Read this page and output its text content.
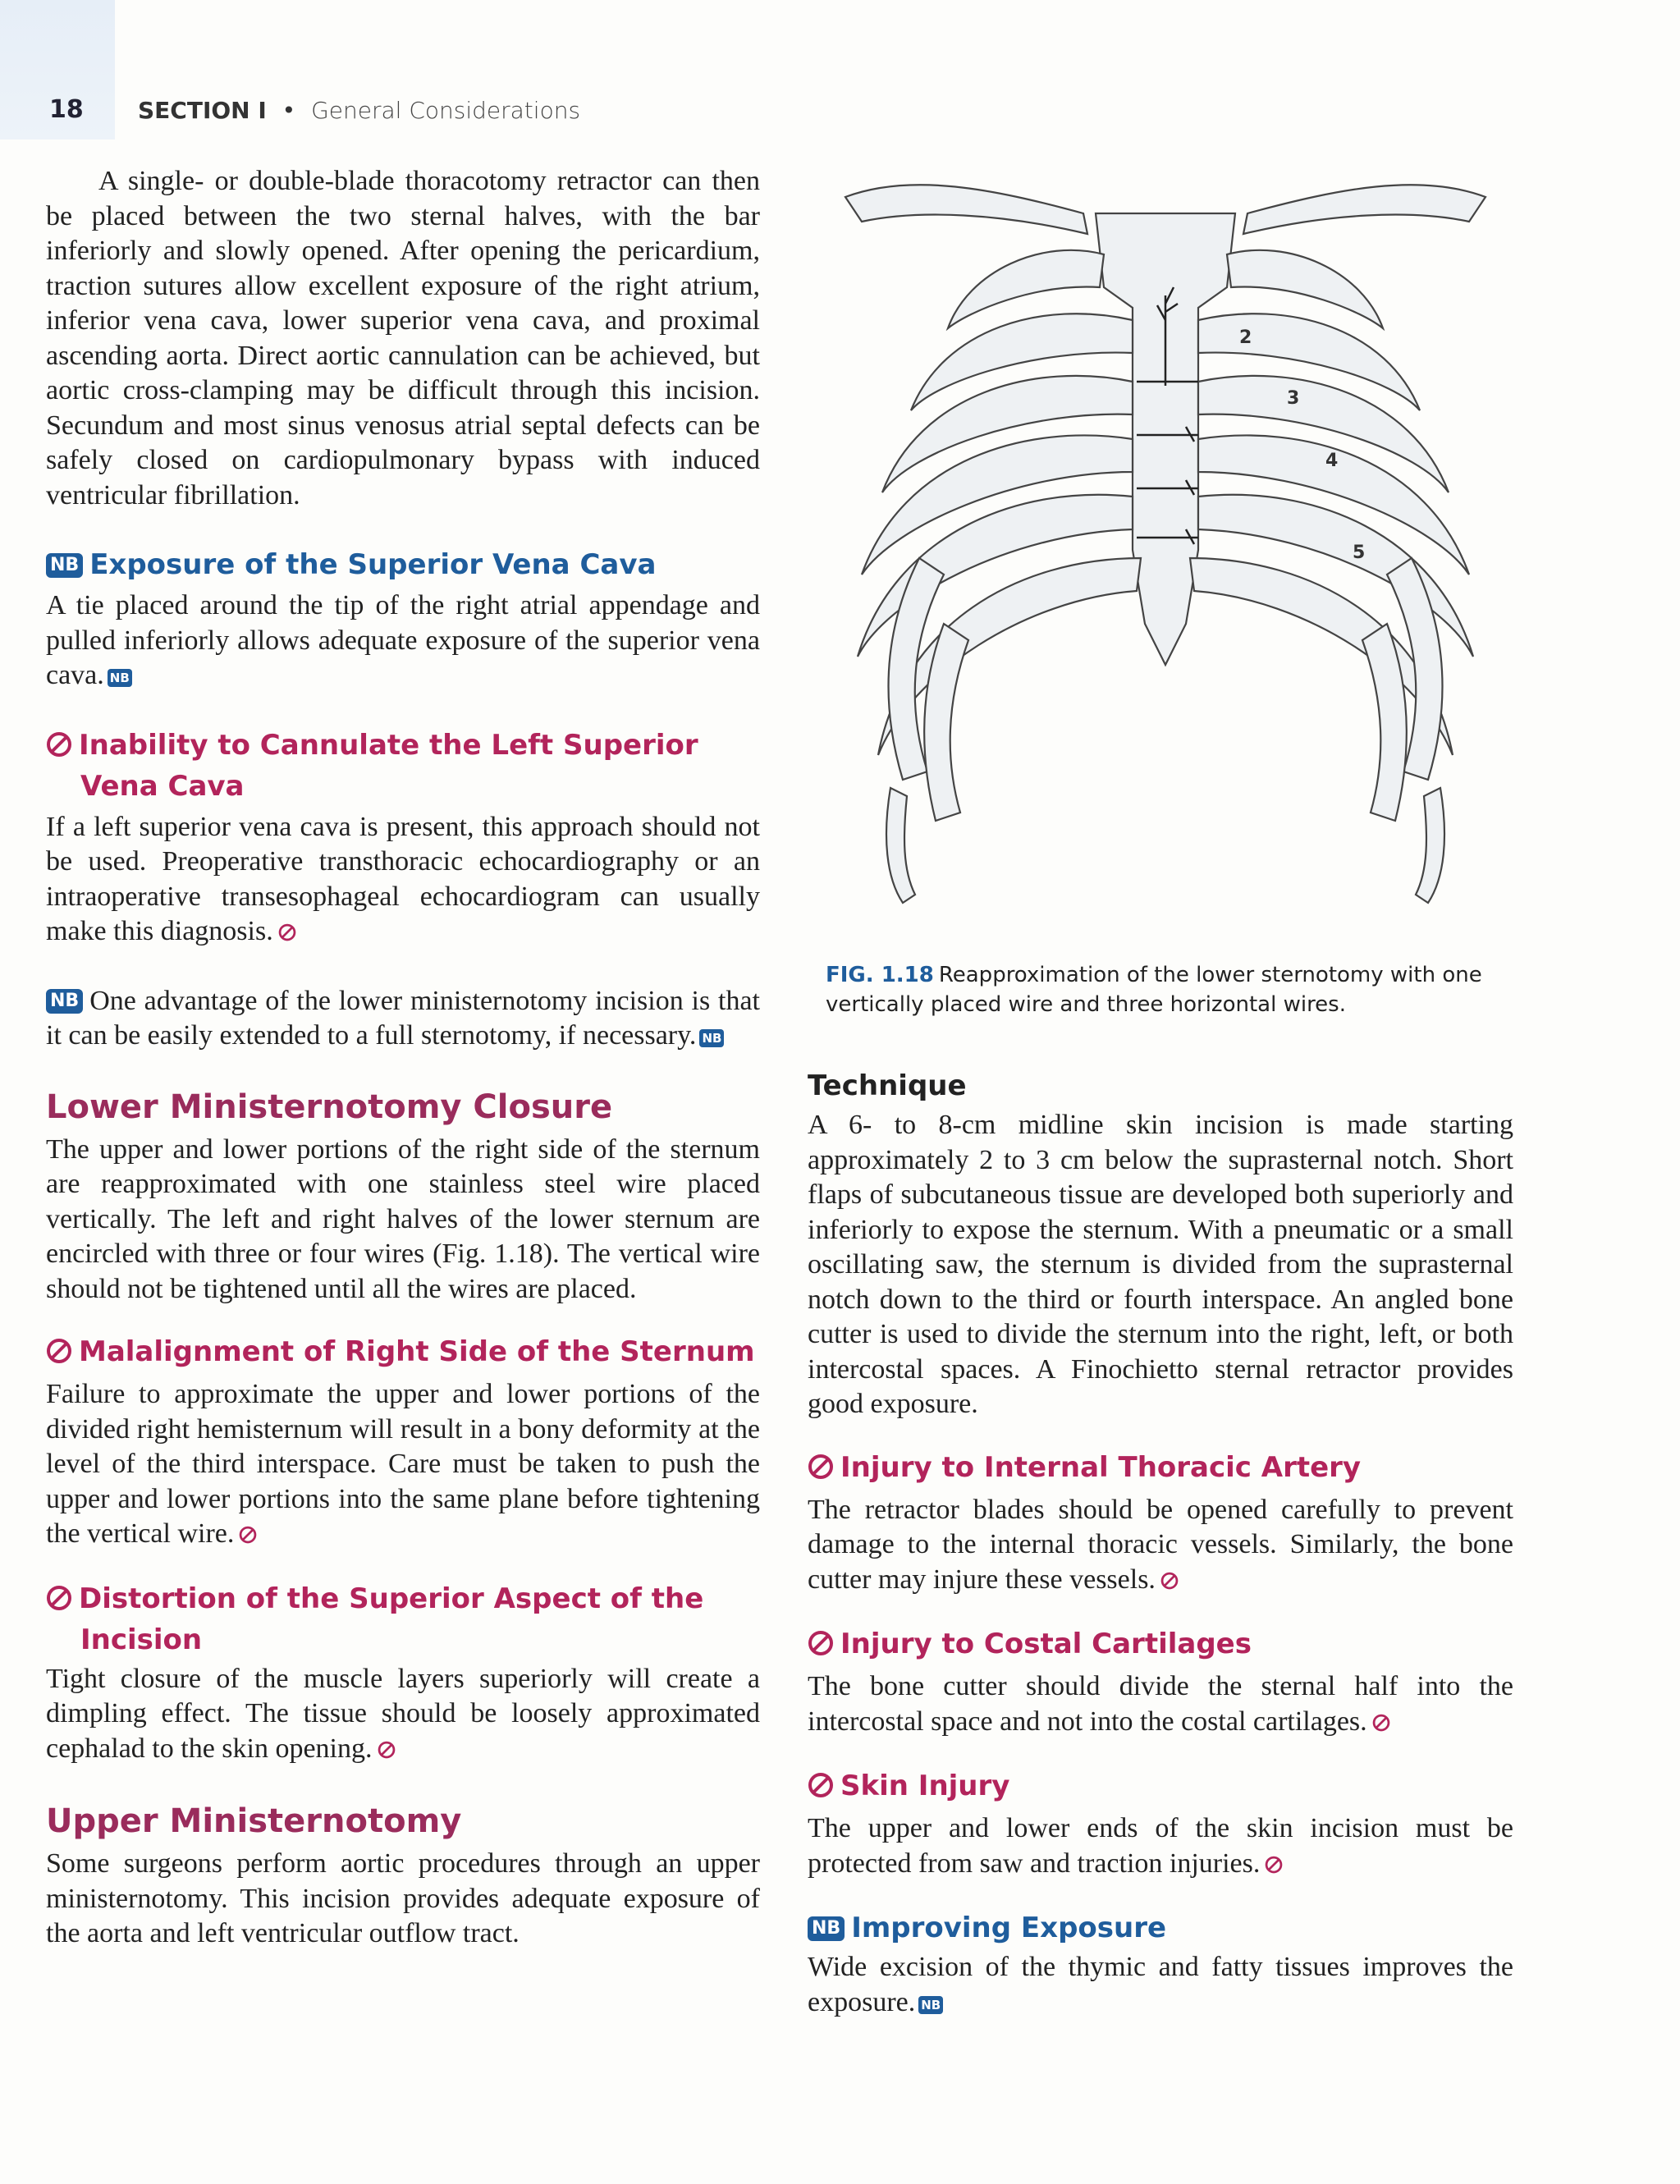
18 SECTION I • General Considerations

A single- or double-blade thoracotomy retractor can then be placed between the two sternal halves, with the bar inferiorly and slowly opened. After opening the pericardium, traction sutures allow excellent exposure of the right atrium, inferior vena cava, lower superior vena cava, and proximal ascending aorta. Direct aortic cannulation can be achieved, but aortic cross-clamping may be difficult through this incision. Secundum and most sinus venosus atrial septal defects can be safely closed on cardiopulmonary bypass with induced ventricular fibrillation.

NB Exposure of the Superior Vena Cava

A tie placed around the tip of the right atrial appendage and pulled inferiorly allows adequate exposure of the superior vena cava. NB

Inability to Cannulate the Left Superior
Vena Cava

If a left superior vena cava is present, this approach should not be used. Preoperative transthoracic echocardiography or an intraoperative transesophageal echocardiogram can usually make this diagnosis.

NB One advantage of the lower ministernotomy incision is that it can be easily extended to a full sternotomy, if necessary. NB

Lower Ministernotomy Closure

The upper and lower portions of the right side of the sternum are reapproximated with one stainless steel wire placed vertically. The left and right halves of the lower sternum are encircled with three or four wires (Fig. 1.18). The vertical wire should not be tightened until all the wires are placed.

Malalignment of Right Side of the Sternum

Failure to approximate the upper and lower portions of the divided right hemisternum will result in a bony deformity at the level of the third interspace. Care must be taken to push the upper and lower portions into the same plane before tightening the vertical wire.

Distortion of the Superior Aspect of the
Incision

Tight closure of the muscle layers superiorly will create a dimpling effect. The tissue should be loosely approximated cephalad to the skin opening.

Upper Ministernotomy

Some surgeons perform aortic procedures through an upper ministernotomy. This incision provides adequate exposure of the aorta and left ventricular outflow tract.

2
3
4
5
FIG. 1.18 Reapproximation of the lower sternotomy with one vertically placed wire and three horizontal wires.
Technique

A 6- to 8-cm midline skin incision is made starting approximately 2 to 3 cm below the suprasternal notch. Short flaps of subcutaneous tissue are developed both superiorly and inferiorly to expose the sternum. With a pneumatic or a small oscillating saw, the sternum is divided from the suprasternal notch down to the third or fourth interspace. An angled bone cutter is used to divide the sternum into the right, left, or both intercostal spaces. A Finochietto sternal retractor provides good exposure.

Injury to Internal Thoracic Artery

The retractor blades should be opened carefully to prevent damage to the internal thoracic vessels. Similarly, the bone cutter may injure these vessels.

Injury to Costal Cartilages

The bone cutter should divide the sternal half into the intercostal space and not into the costal cartilages.

Skin Injury

The upper and lower ends of the skin incision must be protected from saw and traction injuries.

NB Improving Exposure

Wide excision of the thymic and fatty tissues improves the exposure. NB
